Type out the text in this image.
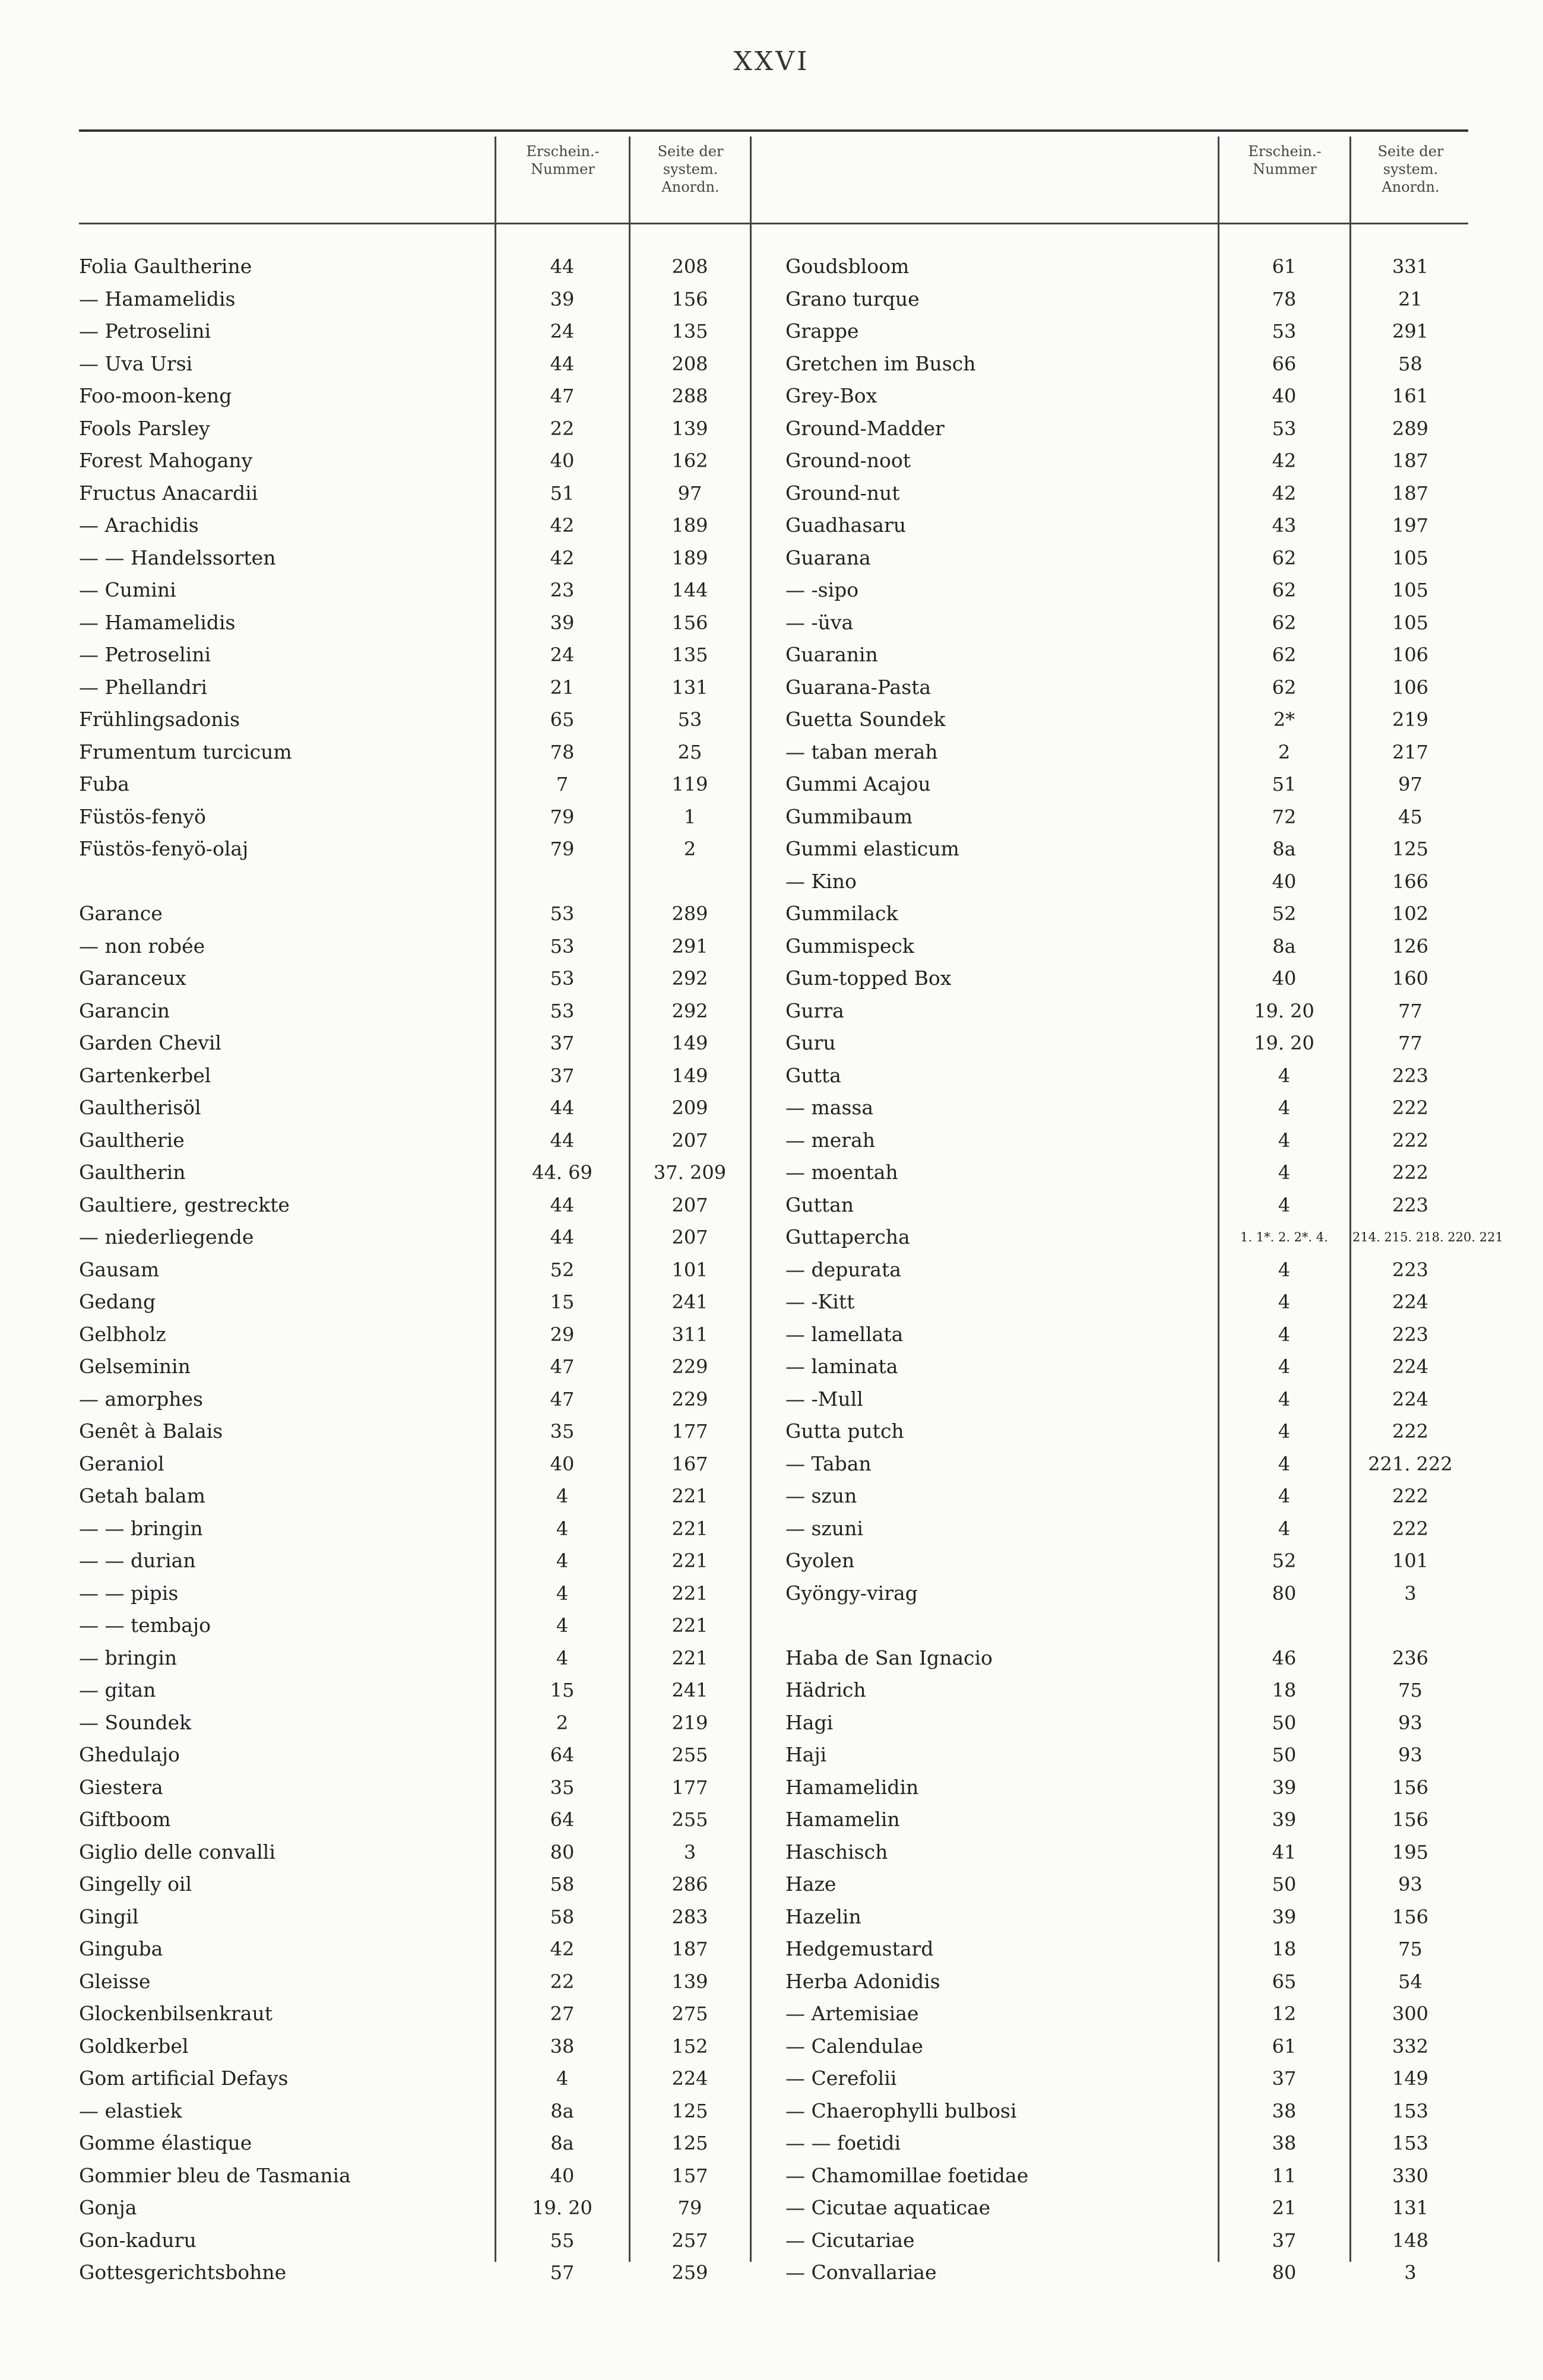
XXVI
Erschein.-Nummer
Seite der system. Anordn.
Erschein.-Nummer
Seite der system. Anordn.
Folia Gaultherine	44	208
— Hamamelidis	39	156
— Petroselini	24	135
— Uva Ursi	44	208
Foo-moon-keng	47	288
Fools Parsley	22	139
Forest Mahogany	40	162
Fructus Anacardii	51	97
— Arachidis	42	189
— — Handelssorten	42	189
— Cumini	23	144
— Hamamelidis	39	156
— Petroselini	24	135
— Phellandri	21	131
Frühlingsadonis	65	53
Frumentum turcicum	78	25
Fuba	7	119
Füstös-fenyö	79	1
Füstös-fenyö-olaj	79	2
Garance	53	289
— non robée	53	291
Garanceux	53	292
Garancin	53	292
Garden Chevil	37	149
Gartenkerbel	37	149
Gaultherisöl	44	209
Gaultherie	44	207
Gaultherin	44. 69	37. 209
Gaultiere, gestreckte	44	207
— niederliegende	44	207
Gausam	52	101
Gedang	15	241
Gelbholz	29	311
Gelseminin	47	229
— amorphes	47	229
Genêt à Balais	35	177
Geraniol	40	167
Getah balam	4	221
— — bringin	4	221
— — durian	4	221
— — pipis	4	221
— — tembajo	4	221
— bringin	4	221
— gitan	15	241
— Soundek	2	219
Ghedulajo	64	255
Giestera	35	177
Giftboom	64	255
Giglio delle convalli	80	3
Gingelly oil	58	286
Gingil	58	283
Ginguba	42	187
Gleisse	22	139
Glockenbilsenkraut	27	275
Goldkerbel	38	152
Gom artificial Defays	4	224
— elastiek	8a	125
Gomme élastique	8a	125
Gommier bleu de Tasmania	40	157
Gonja	19. 20	79
Gon-kaduru	55	257
Gottesgerichtsbohne	57	259
Goudsbloom	61	331
Grano turque	78	21
Grappe	53	291
Gretchen im Busch	66	58
Grey-Box	40	161
Ground-Madder	53	289
Ground-noot	42	187
Ground-nut	42	187
Guadhasaru	43	197
Guarana	62	105
— -sipo	62	105
— -üva	62	105
Guaranin	62	106
Guarana-Pasta	62	106
Guetta Soundek	2*	219
— taban merah	2	217
Gummi Acajou	51	97
Gummibaum	72	45
Gummi elasticum	8a	125
— Kino	40	166
Gummilack	52	102
Gummispeck	8a	126
Gum-topped Box	40	160
Gurra	19. 20	77
Guru	19. 20	77
Gutta	4	223
— massa	4	222
— merah	4	222
— moentah	4	222
Guttan	4	223
Guttapercha	1. 1*. 2. 2*. 4.	214. 215. 218. 220. 221
— depurata	4	223
— -Kitt	4	224
— lamellata	4	223
— laminata	4	224
— -Mull	4	224
Gutta putch	4	222
— Taban	4	221. 222
— szun	4	222
— szuni	4	222
Gyolen	52	101
Gyöngy-virag	80	3
Haba de San Ignacio	46	236
Hädrich	18	75
Hagi	50	93
Haji	50	93
Hamamelidin	39	156
Hamamelin	39	156
Haschisch	41	195
Haze	50	93
Hazelin	39	156
Hedgemustard	18	75
Herba Adonidis	65	54
— Artemisiae	12	300
— Calendulae	61	332
— Cerefolii	37	149
— Chaerophylli bulbosi	38	153
— — foetidi	38	153
— Chamomillae foetidae	11	330
— Cicutae aquaticae	21	131
— Cicutariae	37	148
— Convallariae	80	3
